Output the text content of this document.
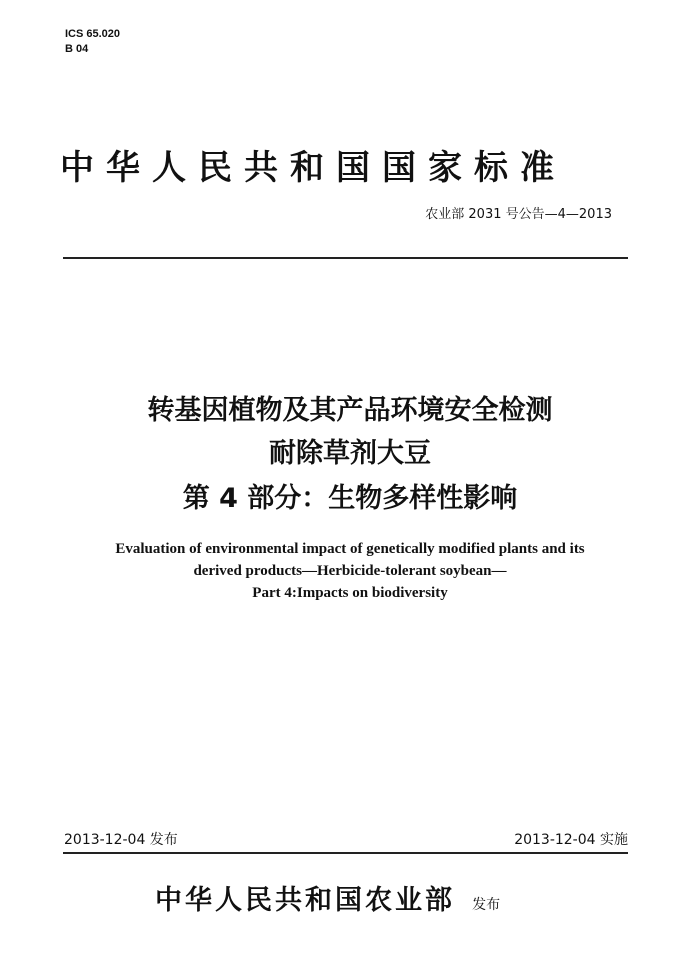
ICS 65.020
B 04
中华人民共和国国家标准
农业部 2031 号公告—4—2013
转基因植物及其产品环境安全检测
耐除草剂大豆
第 4 部分：生物多样性影响
Evaluation of environmental impact of genetically modified plants and its
derived products—Herbicide-tolerant soybean—
Part 4:Impacts on biodiversity
2013-12-04 发布	2013-12-04 实施
中华人民共和国农业部 发布
